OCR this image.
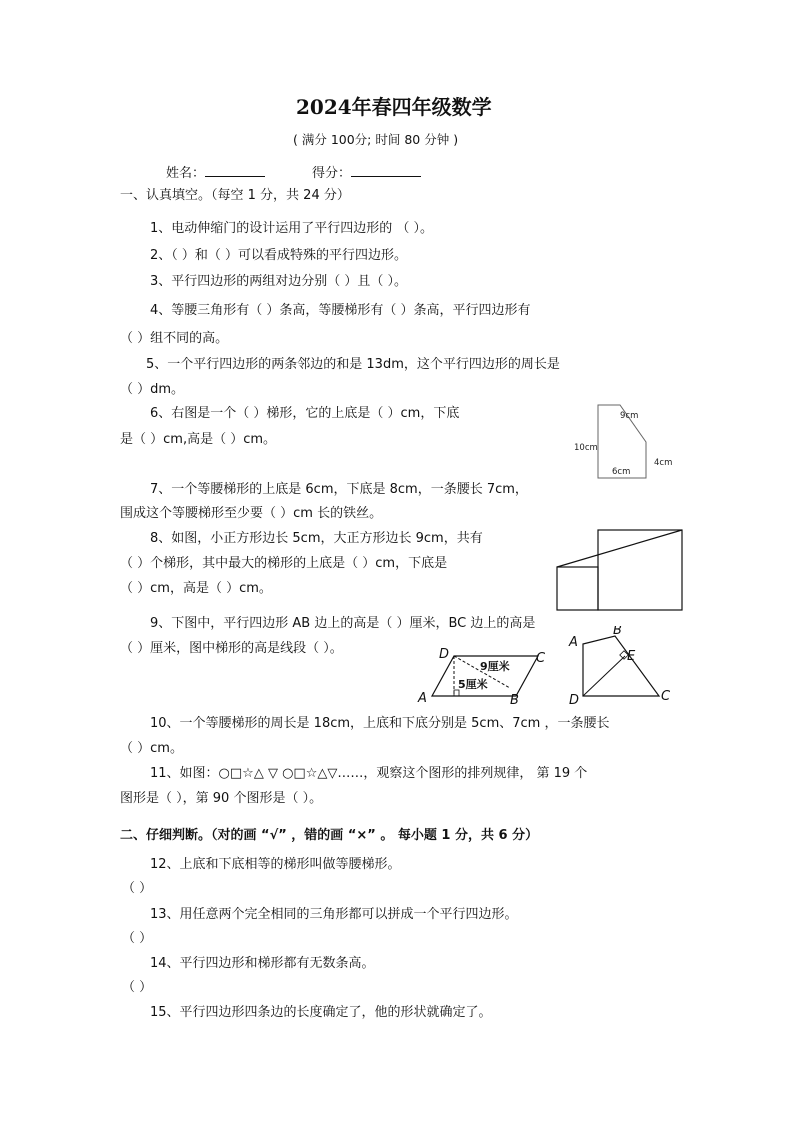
2024年春四年级数学
( 满分 100分; 时间 80 分钟 )
姓名：	得分：
一、认真填空。（每空 1 分，共 24 分）
1、电动伸缩门的设计运用了平行四边形的 （ ）。
2、（ ）和（ ）可以看成特殊的平行四边形。
3、平行四边形的两组对边分别（ ）且（ ）。
4、等腰三角形有（ ）条高，等腰梯形有（ ）条高，平行四边形有
（ ）组不同的高。
5、一个平行四边形的两条邻边的和是 13dm，这个平行四边形的周长是
（ ）dm。
6、右图是一个（ ）梯形，它的上底是（ ）cm，下底
是（ ）cm,高是（ ）cm。
9cm
10cm
6cm
4cm
7、一个等腰梯形的上底是 6cm，下底是 8cm，一条腰长 7cm，
围成这个等腰梯形至少要（ ）cm 长的铁丝。
8、如图，小正方形边长 5cm，大正方形边长 9cm，共有
（ ）个梯形，其中最大的梯形的上底是（ ）cm，下底是
（ ）cm，高是（ ）cm。
9、下图中，平行四边形 AB 边上的高是（ ）厘米，BC 边上的高是
（ ）厘米，图中梯形的高是线段（ ）。	D	C
A	B
9厘米
5厘米
A
B
E
D	C
10、一个等腰梯形的周长是 18cm，上底和下底分别是 5cm、7cm ，一条腰长
（ ）cm。
11、如图：○□☆△ ▽ ○□☆△▽……，观察这个图形的排列规律， 第 19 个
图形是（ ），第 90 个图形是（ ）。
二、仔细判断。（对的画 “√” ，错的画 “×” 。 每小题 1 分，共 6 分）
12、上底和下底相等的梯形叫做等腰梯形。
（ ）
13、用任意两个完全相同的三角形都可以拼成一个平行四边形。
（ ）
14、平行四边形和梯形都有无数条高。
（ ）
15、平行四边形四条边的长度确定了，他的形状就确定了。
